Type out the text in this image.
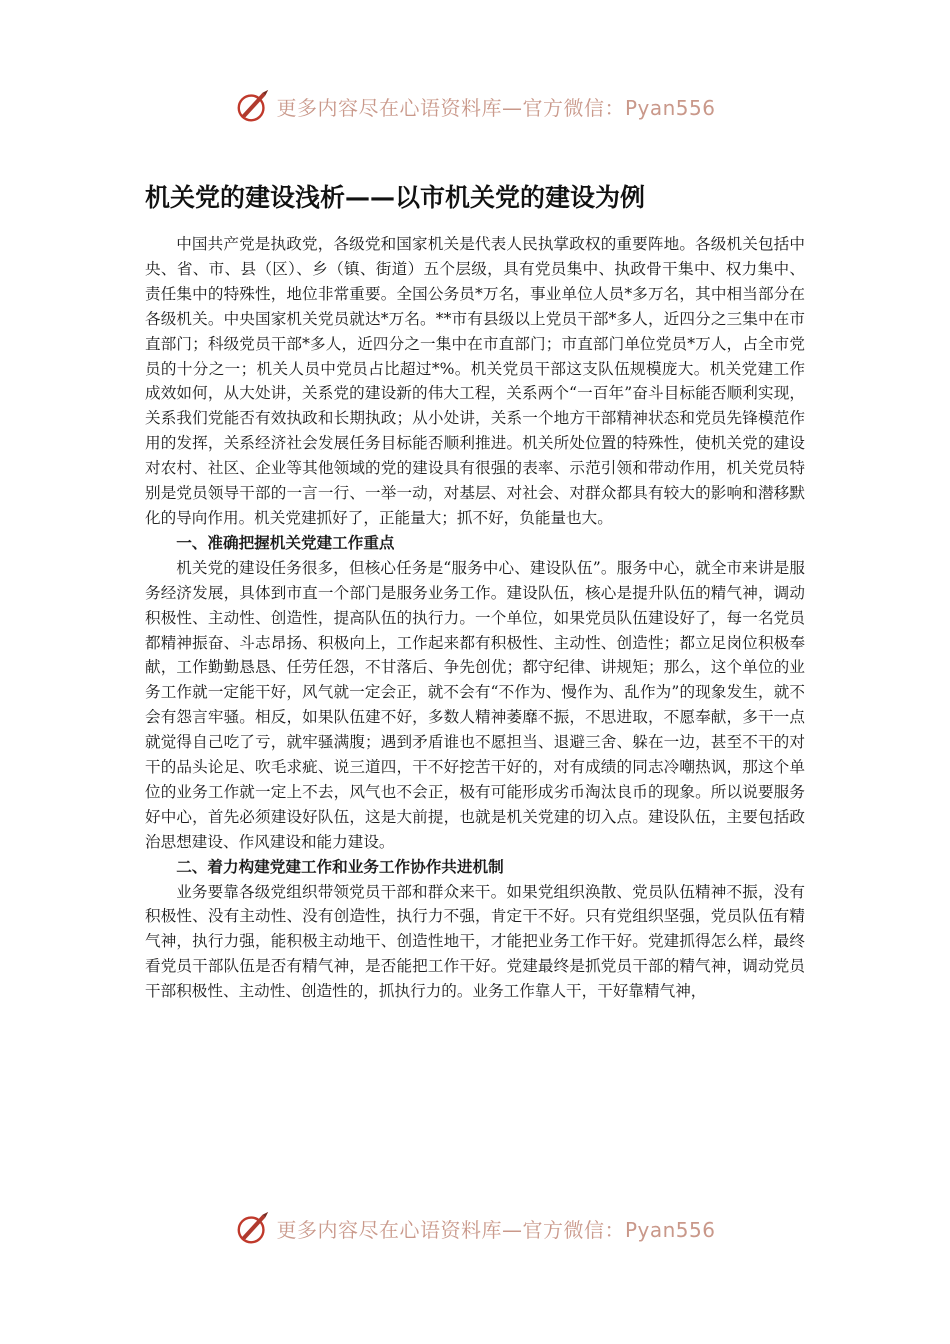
更多内容尽在心语资料库—官方微信：Pyan556
机关党的建设浅析——以市机关党的建设为例

中国共产党是执政党，各级党和国家机关是代表人民执掌政权的重要阵地。各级机关包括中央、省、市、县（区）、乡（镇、街道）五个层级，具有党员集中、执政骨干集中、权力集中、责任集中的特殊性，地位非常重要。全国公务员*万名，事业单位人员*多万名，其中相当部分在各级机关。中央国家机关党员就达*万名。**市有县级以上党员干部*多人，近四分之三集中在市直部门；科级党员干部*多人，近四分之一集中在市直部门；市直部门单位党员*万人，占全市党员的十分之一；机关人员中党员占比超过*%。机关党员干部这支队伍规模庞大。机关党建工作成效如何，从大处讲，关系党的建设新的伟大工程，关系两个“一百年”奋斗目标能否顺利实现，关系我们党能否有效执政和长期执政；从小处讲，关系一个地方干部精神状态和党员先锋模范作用的发挥，关系经济社会发展任务目标能否顺利推进。机关所处位置的特殊性，使机关党的建设对农村、社区、企业等其他领域的党的建设具有很强的表率、示范引领和带动作用，机关党员特别是党员领导干部的一言一行、一举一动，对基层、对社会、对群众都具有较大的影响和潜移默化的导向作用。机关党建抓好了，正能量大；抓不好，负能量也大。

一、准确把握机关党建工作重点

机关党的建设任务很多，但核心任务是“服务中心、建设队伍”。服务中心，就全市来讲是服务经济发展，具体到市直一个部门是服务业务工作。建设队伍，核心是提升队伍的精气神，调动积极性、主动性、创造性，提高队伍的执行力。一个单位，如果党员队伍建设好了，每一名党员都精神振奋、斗志昂扬、积极向上，工作起来都有积极性、主动性、创造性；都立足岗位积极奉献，工作勤勤恳恳、任劳任怨，不甘落后、争先创优；都守纪律、讲规矩；那么，这个单位的业务工作就一定能干好，风气就一定会正，就不会有“不作为、慢作为、乱作为”的现象发生，就不会有怨言牢骚。相反，如果队伍建不好，多数人精神萎靡不振，不思进取，不愿奉献，多干一点就觉得自己吃了亏，就牢骚满腹；遇到矛盾谁也不愿担当、退避三舍、躲在一边，甚至不干的对干的品头论足、吹毛求疵、说三道四，干不好挖苦干好的，对有成绩的同志冷嘲热讽，那这个单位的业务工作就一定上不去，风气也不会正，极有可能形成劣币淘汰良币的现象。所以说要服务好中心，首先必须建设好队伍，这是大前提，也就是机关党建的切入点。建设队伍，主要包括政治思想建设、作风建设和能力建设。

二、着力构建党建工作和业务工作协作共进机制

业务要靠各级党组织带领党员干部和群众来干。如果党组织涣散、党员队伍精神不振，没有积极性、没有主动性、没有创造性，执行力不强，肯定干不好。只有党组织坚强，党员队伍有精气神，执行力强，能积极主动地干、创造性地干，才能把业务工作干好。党建抓得怎么样，最终看党员干部队伍是否有精气神，是否能把工作干好。党建最终是抓党员干部的精气神，调动党员干部积极性、主动性、创造性的，抓执行力的。业务工作靠人干，干好靠精气神，

更多内容尽在心语资料库—官方微信：Pyan556
